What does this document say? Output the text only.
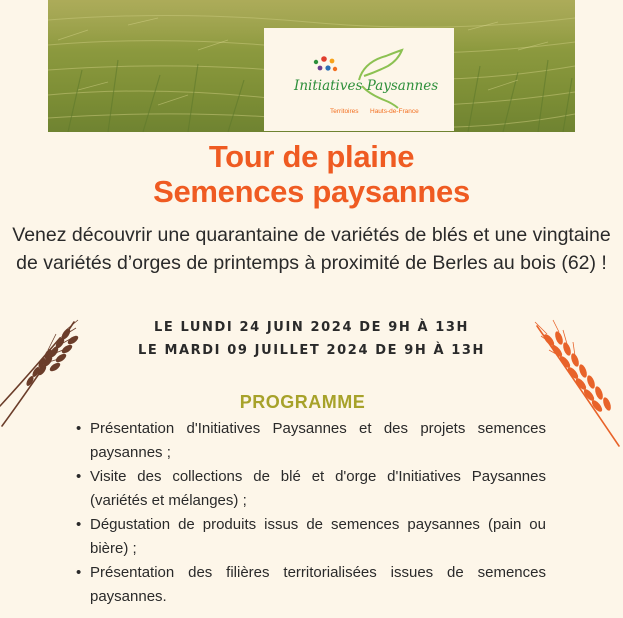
Initiatives Paysannes
Territoires Hauts-de-France
Tour de plaine
Semences paysannes

Venez découvrir une quarantaine de variétés de blés et une vingtaine de variétés d’orges de printemps à proximité de Berles au bois (62) !

LE LUNDI 24 JUIN 2024 DE 9H À 13H

LE MARDI 09 JUILLET 2024 DE 9H À 13H

PROGRAMME
• Présentation d'Initiatives Paysannes et des projets semences paysannes ;
• Visite des collections de blé et d'orge d'Initiatives Paysannes (variétés et mélanges) ;
• Dégustation de produits issus de semences paysannes (pain ou bière) ;
• Présentation des filières territorialisées issues de semences paysannes.
